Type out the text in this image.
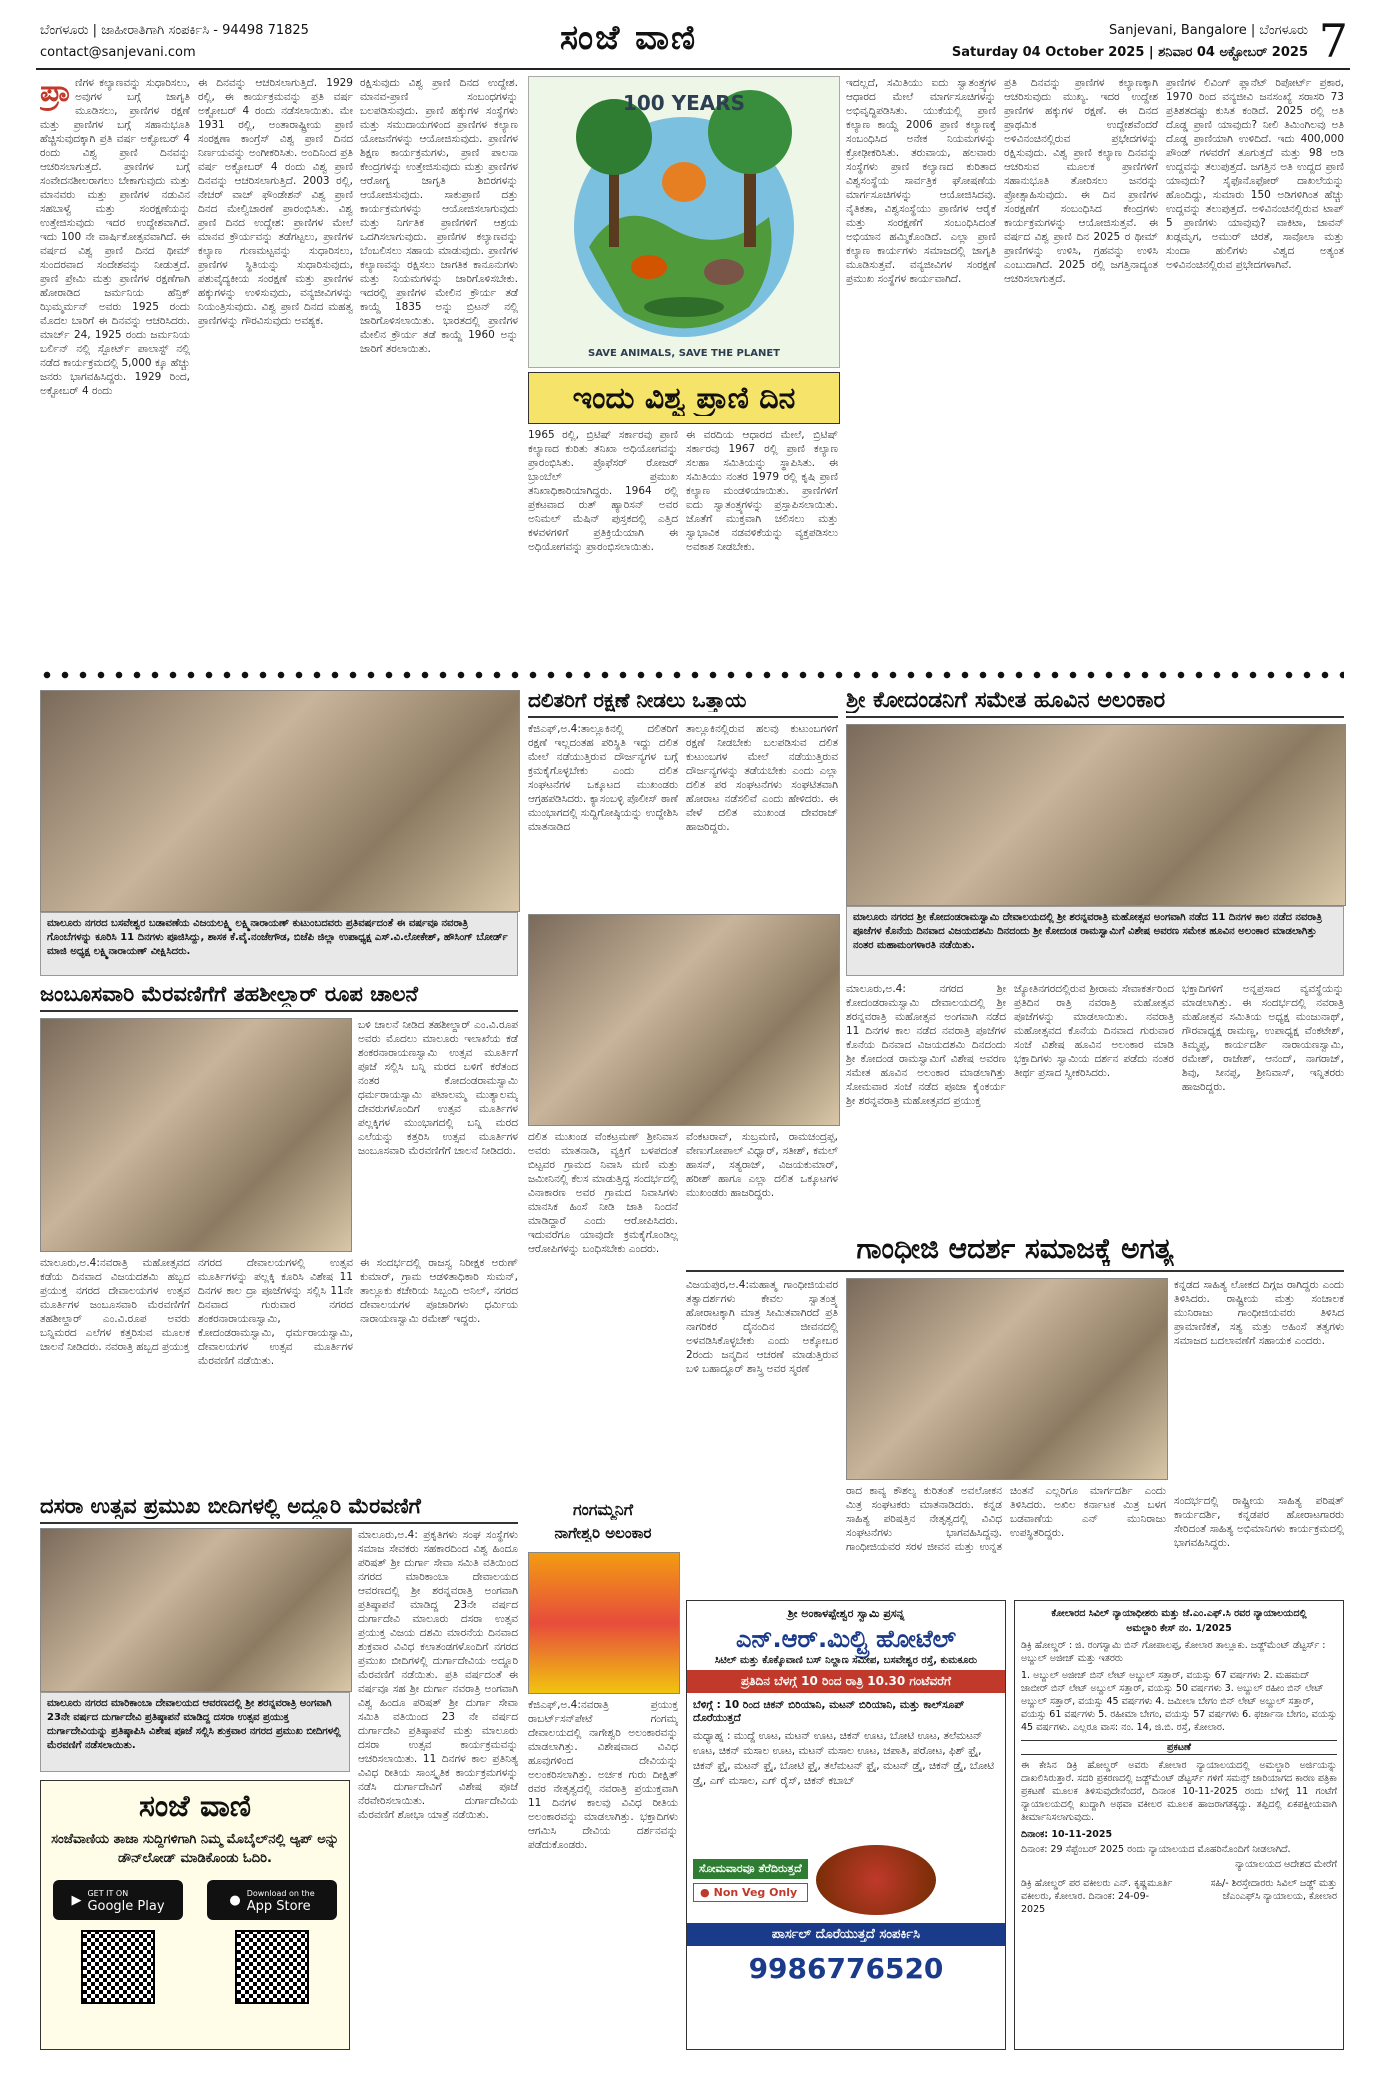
ಬೆಂಗಳೂರು | ಜಾಹೀರಾತಿಗಾಗಿ ಸಂಪರ್ಕಿಸಿ - 94498 71825
contact@sanjevani.com	ಸಂಜೆ ವಾಣಿ	Sanjevani, Bangalore | ಬೆಂಗಳೂರು
Saturday 04 October 2025 | ಶನಿವಾರ 04 ಅಕ್ಟೋಬರ್ 2025 7
ಪ್ರಾ ಣಿಗಳ ಕಲ್ಯಾಣವನ್ನು ಸುಧಾರಿಸಲು, ಅವುಗಳ ಬಗ್ಗೆ ಜಾಗೃತಿ ಮೂಡಿಸಲು, ಪ್ರಾಣಿಗಳ ರಕ್ಷಣೆ ಮತ್ತು ಪ್ರಾಣಿಗಳ ಬಗ್ಗೆ ಸಹಾನುಭೂತಿ ಹೆಚ್ಚಿಸುವುದಕ್ಕಾಗಿ ಪ್ರತಿ ವರ್ಷ ಅಕ್ಟೋಬರ್ 4 ರಂದು ವಿಶ್ವ ಪ್ರಾಣಿ ದಿನವನ್ನು ಆಚರಿಸಲಾಗುತ್ತದೆ. ಪ್ರಾಣಿಗಳ ಬಗ್ಗೆ ಸಂವೇದನಶೀಲರಾಗಲು ಬೇಕಾಗುವುದು ಮತ್ತು ಮಾನವರು ಮತ್ತು ಪ್ರಾಣಿಗಳ ನಡುವಿನ ಸಹಬಾಳ್ವೆ ಮತ್ತು ಸಂರಕ್ಷಣೆಯನ್ನು ಉತ್ತೇಜಿಸುವುದು ಇದರ ಉದ್ದೇಶವಾಗಿದೆ. ಇದು 100 ನೇ ವಾರ್ಷಿಕೋತ್ಸವವಾಗಿದೆ. ಈ ವರ್ಷದ ವಿಶ್ವ ಪ್ರಾಣಿ ದಿನದ ಥೀಮ್ ಸುಂದರವಾದ ಸಂದೇಶವನ್ನು ನೀಡುತ್ತದೆ. ಪ್ರಾಣಿ ಪ್ರೇಮಿ ಮತ್ತು ಪ್ರಾಣಿಗಳ ರಕ್ಷಣೆಗಾಗಿ ಹೋರಾಡಿದ ಜರ್ಮನಿಯ ಹೆನ್ರಿಕ್ ಝಿಮ್ಮರ್ಮನ್ ಅವರು 1925 ರಂದು ಮೊದಲ ಬಾರಿಗೆ ಈ ದಿನವನ್ನು ಆಚರಿಸಿದರು. ಮಾರ್ಚ್ 24, 1925 ರಂದು ಜರ್ಮನಿಯ ಬರ್ಲಿನ್ ನಲ್ಲಿ ಸ್ಪೋರ್ಟ್ ಪಾಲಾಸ್ಟ್ ನಲ್ಲಿ ನಡೆದ ಕಾರ್ಯಕ್ರಮದಲ್ಲಿ 5,000 ಕ್ಕೂ ಹೆಚ್ಚು ಜನರು ಭಾಗವಹಿಸಿದ್ದರು. 1929 ರಿಂದ, ಅಕ್ಟೋಬರ್ 4 ರಂದು
ಈ ದಿನವನ್ನು ಆಚರಿಸಲಾಗುತ್ತಿದೆ. 1929 ರಲ್ಲಿ, ಈ ಕಾರ್ಯಕ್ರಮವನ್ನು ಪ್ರತಿ ವರ್ಷ ಅಕ್ಟೋಬರ್ 4 ರಂದು ನಡೆಸಲಾಯಿತು. ಮೇ 1931 ರಲ್ಲಿ, ಅಂತಾರಾಷ್ಟ್ರೀಯ ಪ್ರಾಣಿ ಸಂರಕ್ಷಣಾ ಕಾಂಗ್ರೆಸ್ ವಿಶ್ವ ಪ್ರಾಣಿ ದಿನದ ನಿರ್ಣಯವನ್ನು ಅಂಗೀಕರಿಸಿತು. ಅಂದಿನಿಂದ ಪ್ರತಿ ವರ್ಷ ಅಕ್ಟೋಬರ್ 4 ರಂದು ವಿಶ್ವ ಪ್ರಾಣಿ ದಿನವನ್ನು ಆಚರಿಸಲಾಗುತ್ತಿದೆ. 2003 ರಲ್ಲಿ, ನೇಚರ್ ವಾಚ್ ಫೌಂಡೇಶನ್ ವಿಶ್ವ ಪ್ರಾಣಿ ದಿನದ ಮೇಲ್ವಿಚಾರಣೆ ಪ್ರಾರಂಭಿಸಿತು. ವಿಶ್ವ ಪ್ರಾಣಿ ದಿನದ ಉದ್ದೇಶ: ಪ್ರಾಣಿಗಳ ಮೇಲೆ ಮಾನವ ಕ್ರೌರ್ಯವನ್ನು ತಡೆಗಟ್ಟಲು, ಪ್ರಾಣಿಗಳ ಕಲ್ಯಾಣ ಗುಣಮಟ್ಟವನ್ನು ಸುಧಾರಿಸಲು, ಪ್ರಾಣಿಗಳ ಸ್ಥಿತಿಯನ್ನು ಸುಧಾರಿಸುವುದು, ಪಶುವೈದ್ಯಕೀಯ ಸಂರಕ್ಷಣೆ ಮತ್ತು ಪ್ರಾಣಿಗಳ ಹಕ್ಕುಗಳನ್ನು ಉಳಿಸುವುದು, ವನ್ಯಜೀವಿಗಳನ್ನು ನಿಯಂತ್ರಿಸುವುದು. ವಿಶ್ವ ಪ್ರಾಣಿ ದಿನದ ಮಹತ್ವ ಪ್ರಾಣಿಗಳನ್ನು ಗೌರವಿಸುವುದು ಅವಶ್ಯಕ.
ರಕ್ಷಿಸುವುದು ವಿಶ್ವ ಪ್ರಾಣಿ ದಿನದ ಉದ್ದೇಶ. ಮಾನವ-ಪ್ರಾಣಿ ಸಂಬಂಧಗಳನ್ನು ಬಲಪಡಿಸುವುದು. ಪ್ರಾಣಿ ಹಕ್ಕುಗಳ ಸಂಸ್ಥೆಗಳು ಮತ್ತು ಸಮುದಾಯಗಳಿಂದ ಪ್ರಾಣಿಗಳ ಕಲ್ಯಾಣ ಯೋಜನೆಗಳನ್ನು ಆಯೋಜಿಸುವುದು. ಪ್ರಾಣಿಗಳ ಶಿಕ್ಷಣ ಕಾರ್ಯಕ್ರಮಗಳು, ಪ್ರಾಣಿ ಪಾಲನಾ ಕೇಂದ್ರಗಳನ್ನು ಉತ್ತೇಜಿಸುವುದು ಮತ್ತು ಪ್ರಾಣಿಗಳ ಆರೋಗ್ಯ ಜಾಗೃತಿ ಶಿಬಿರಗಳನ್ನು ಆಯೋಜಿಸುವುದು. ಸಾಕುಪ್ರಾಣಿ ದತ್ತು ಕಾರ್ಯಕ್ರಮಗಳನ್ನು ಆಯೋಜಿಸಲಾಗುವುದು ಮತ್ತು ನಿರ್ಗತಿಕ ಪ್ರಾಣಿಗಳಿಗೆ ಆಶ್ರಯ ಒದಗಿಸಲಾಗುವುದು. ಪ್ರಾಣಿಗಳ ಕಲ್ಯಾಣವನ್ನು ಬೆಂಬಲಿಸಲು ಸಹಾಯ ಮಾಡುವುದು. ಪ್ರಾಣಿಗಳ ಕಲ್ಯಾಣವನ್ನು ರಕ್ಷಿಸಲು ಜಾಗತಿಕ ಕಾನೂನುಗಳು ಮತ್ತು ನಿಯಮಗಳನ್ನು ಜಾರಿಗೊಳಿಸಬೇಕು. ಇದರಲ್ಲಿ ಪ್ರಾಣಿಗಳ ಮೇಲಿನ ಕ್ರೌರ್ಯ ತಡೆ ಕಾಯ್ದೆ 1835 ಅನ್ನು ಬ್ರಿಟನ್ ನಲ್ಲಿ ಜಾರಿಗೊಳಿಸಲಾಯಿತು. ಭಾರತದಲ್ಲಿ ಪ್ರಾಣಿಗಳ ಮೇಲಿನ ಕ್ರೌರ್ಯ ತಡೆ ಕಾಯ್ದೆ 1960 ಅನ್ನು ಜಾರಿಗೆ ತರಲಾಯಿತು.
100 YEARS
SAVE ANIMALS, SAVE THE PLANET
ಇಂದು ವಿಶ್ವ ಪ್ರಾಣಿ ದಿನ
1965 ರಲ್ಲಿ, ಬ್ರಿಟಿಷ್ ಸರ್ಕಾರವು ಪ್ರಾಣಿ ಕಲ್ಯಾಣದ ಕುರಿತು ತನಿಖಾ ಅಧಿಯೋಗವನ್ನು ಪ್ರಾರಂಭಿಸಿತು. ಪ್ರೊಫೆಸರ್ ರೋಜರ್ ಬ್ರಾಂಬೆಲ್ ಪ್ರಮುಖ ತನಿಖಾಧಿಕಾರಿಯಾಗಿದ್ದರು. 1964 ರಲ್ಲಿ ಪ್ರಕಟವಾದ ರುತ್ ಹ್ಯಾರಿಸನ್ ಅವರ ಅನಿಮಲ್ ಮೆಷಿನ್ ಪುಸ್ತಕದಲ್ಲಿ ಎತ್ತಿದ ಕಳವಳಗಳಿಗೆ ಪ್ರತಿಕ್ರಿಯೆಯಾಗಿ ಈ ಅಧಿಯೋಗವನ್ನು ಪ್ರಾರಂಭಿಸಲಾಯಿತು.
ಈ ವರದಿಯ ಆಧಾರದ ಮೇಲೆ, ಬ್ರಿಟಿಷ್ ಸರ್ಕಾರವು 1967 ರಲ್ಲಿ ಪ್ರಾಣಿ ಕಲ್ಯಾಣ ಸಲಹಾ ಸಮಿತಿಯನ್ನು ಸ್ಥಾಪಿಸಿತು. ಈ ಸಮಿತಿಯು ನಂತರ 1979 ರಲ್ಲಿ ಕೃಷಿ ಪ್ರಾಣಿ ಕಲ್ಯಾಣ ಮಂಡಳಿಯಾಯಿತು. ಪ್ರಾಣಿಗಳಿಗೆ ಐದು ಸ್ವಾತಂತ್ರ್ಯಗಳನ್ನು ಪ್ರಸ್ತಾಪಿಸಲಾಯಿತು. ಜೊತೆಗೆ ಮುಕ್ತವಾಗಿ ಚಲಿಸಲು ಮತ್ತು ಸ್ವಾಭಾವಿಕ ನಡವಳಿಕೆಯನ್ನು ವ್ಯಕ್ತಪಡಿಸಲು ಅವಕಾಶ ನೀಡಬೇಕು.
ಇದಲ್ಲದೆ, ಸಮಿತಿಯು ಐದು ಸ್ವಾತಂತ್ರ್ಯಗಳ ಆಧಾರದ ಮೇಲೆ ಮಾರ್ಗಸೂಚಿಗಳನ್ನು ಅಭಿವೃದ್ಧಿಪಡಿಸಿತು. ಯುಕೆಯಲ್ಲಿ ಪ್ರಾಣಿ ಕಲ್ಯಾಣ ಕಾಯ್ದೆ 2006 ಪ್ರಾಣಿ ಕಲ್ಯಾಣಕ್ಕೆ ಸಂಬಂಧಿಸಿದ ಅನೇಕ ನಿಯಮಗಳನ್ನು ಕ್ರೋಢೀಕರಿಸಿತು. ತರುವಾಯ, ಹಲವಾರು ಸಂಸ್ಥೆಗಳು ಪ್ರಾಣಿ ಕಲ್ಯಾಣದ ಕುರಿತಾದ ವಿಶ್ವಸಂಸ್ಥೆಯ ಸಾರ್ವತ್ರಿಕ ಘೋಷಣೆಯ ಮಾರ್ಗಸೂಚಿಗಳನ್ನು ಆಯೋಜಿಸಿದವು. ನೈತಿಕತಾ, ವಿಶ್ವಸಂಸ್ಥೆಯು ಪ್ರಾಣಿಗಳ ಆರೈಕೆ ಮತ್ತು ಸಂರಕ್ಷಣೆಗೆ ಸಂಬಂಧಿಸಿದಂತೆ ಅಭಿಯಾನ ಹಮ್ಮಿಕೊಂಡಿದೆ. ಎಲ್ಲಾ ಪ್ರಾಣಿ ಕಲ್ಯಾಣ ಕಾರ್ಯಗಳು ಸಮಾಜದಲ್ಲಿ ಜಾಗೃತಿ ಮೂಡಿಸುತ್ತವೆ. ವನ್ಯಜೀವಿಗಳ ಸಂರಕ್ಷಣೆ ಪ್ರಮುಖ ಸಂಸ್ಥೆಗಳ ಕಾರ್ಯವಾಗಿದೆ.
ಪ್ರತಿ ದಿನವನ್ನು ಪ್ರಾಣಿಗಳ ಕಲ್ಯಾಣಕ್ಕಾಗಿ ಆಚರಿಸುವುದು ಮುಖ್ಯ. ಇದರ ಉದ್ದೇಶ ಪ್ರಾಣಿಗಳ ಹಕ್ಕುಗಳ ರಕ್ಷಣೆ. ಈ ದಿನದ ಪ್ರಾಥಮಿಕ ಉದ್ದೇಶವೆಂದರೆ ಅಳಿವಿನಂಚಿನಲ್ಲಿರುವ ಪ್ರಭೇದಗಳನ್ನು ರಕ್ಷಿಸುವುದು. ವಿಶ್ವ ಪ್ರಾಣಿ ಕಲ್ಯಾಣ ದಿನವನ್ನು ಆಚರಿಸುವ ಮೂಲಕ ಪ್ರಾಣಿಗಳಿಗೆ ಸಹಾನುಭೂತಿ ತೋರಿಸಲು ಜನರನ್ನು ಪ್ರೋತ್ಸಾಹಿಸುವುದು. ಈ ದಿನ ಪ್ರಾಣಿಗಳ ಸಂರಕ್ಷಣೆಗೆ ಸಂಬಂಧಿಸಿದ ಕೇಂದ್ರಗಳು ಕಾರ್ಯಕ್ರಮಗಳನ್ನು ಆಯೋಜಿಸುತ್ತವೆ. ಈ ವರ್ಷದ ವಿಶ್ವ ಪ್ರಾಣಿ ದಿನ 2025 ರ ಥೀಮ್ ಪ್ರಾಣಿಗಳನ್ನು ಉಳಿಸಿ, ಗ್ರಹವನ್ನು ಉಳಿಸಿ ಎಂಬುದಾಗಿದೆ. 2025 ರಲ್ಲಿ ಜಗತ್ತಿನಾದ್ಯಂತ ಆಚರಿಸಲಾಗುತ್ತದೆ.
ಪ್ರಾಣಿಗಳ ಲಿವಿಂಗ್ ಪ್ಲಾನೆಟ್ ರಿಪೋರ್ಟ್ ಪ್ರಕಾರ, 1970 ರಿಂದ ವನ್ಯಜೀವಿ ಜನಸಂಖ್ಯೆ ಸರಾಸರಿ 73 ಪ್ರತಿಶತದಷ್ಟು ಕುಸಿತ ಕಂಡಿದೆ. 2025 ರಲ್ಲಿ ಅತಿ ದೊಡ್ಡ ಪ್ರಾಣಿ ಯಾವುದು? ನೀಲಿ ತಿಮಿಂಗಿಲವು ಅತಿ ದೊಡ್ಡ ಪ್ರಾಣಿಯಾಗಿ ಉಳಿದಿದೆ. ಇದು 400,000 ಪೌಂಡ್ ಗಳವರೆಗೆ ತೂಗುತ್ತದೆ ಮತ್ತು 98 ಅಡಿ ಉದ್ದವನ್ನು ತಲುಪುತ್ತದೆ. ಜಗತ್ತಿನ ಅತಿ ಉದ್ದದ ಪ್ರಾಣಿ ಯಾವುದು? ಸೈಫೊನೊಫೋರ್ ದಾಖಲೆಯನ್ನು ಹೊಂದಿದ್ದು, ಸುಮಾರು 150 ಅಡಿಗಳಿಗಿಂತ ಹೆಚ್ಚು ಉದ್ದವನ್ನು ತಲುಪುತ್ತದೆ. ಅಳಿವಿನಂಚಿನಲ್ಲಿರುವ ಟಾಪ್ 5 ಪ್ರಾಣಿಗಳು ಯಾವುವು? ವಾಕಿಟಾ, ಜಾವನ್ ಖಡ್ಗಮೃಗ, ಅಮುರ್ ಚಿರತೆ, ಸಾವೊಲಾ ಮತ್ತು ಸುಂದಾ ಹುಲಿಗಳು ವಿಶ್ವದ ಅತ್ಯಂತ ಅಳಿವಿನಂಚಿನಲ್ಲಿರುವ ಪ್ರಭೇದಗಳಾಗಿವೆ.
ಮಾಲೂರು ನಗರದ ಬಸವೇಶ್ವರ ಬಡಾವಣೆಯ ವಿಜಯಲಕ್ಷ್ಮಿ ಲಕ್ಷ್ಮಿನಾರಾಯಣ್ ಕುಟುಂಬದವರು ಪ್ರತಿವರ್ಷದಂತೆ ಈ ವರ್ಷವೂ ನವರಾತ್ರಿ ಗೊಂಬೆಗಳನ್ನು ಕೂರಿಸಿ 11 ದಿನಗಳು ಪೂಜಿಸಿದ್ದು, ಶಾಸಕ ಕೆ.ವೈ.ನಂಜೇಗೌಡ, ಬಿಜೆಪಿ ಜಿಲ್ಲಾ ಉಪಾಧ್ಯಕ್ಷ ಎಸ್.ವಿ.ಲೋಕೇಶ್, ಹೌಸಿಂಗ್ ಬೋರ್ಡ್ ಮಾಜಿ ಅಧ್ಯಕ್ಷ ಲಕ್ಷ್ಮಿನಾರಾಯಣ್ ವೀಕ್ಷಿಸಿದರು.
ಜಂಬೂಸವಾರಿ ಮೆರವಣಿಗೆಗೆ ತಹಶೀಲ್ದಾರ್ ರೂಪ ಚಾಲನೆ
ಬಳಿ ಚಾಲನೆ ನೀಡಿದ ತಹಶೀಲ್ದಾರ್ ಎಂ.ವಿ.ರೂಪ ಅವರು ಮೊದಲು ಮಾಲೂರು ಇಲಾಖೆಯ ಕಡೆ ಶಂಕರನಾರಾಯಣಸ್ವಾಮಿ ಉತ್ಸವ ಮೂರ್ತಿಗೆ ಪೂಜೆ ಸಲ್ಲಿಸಿ ಬನ್ನಿ ಮರದ ಬಳಿಗೆ ಕರೆತಂದ ನಂತರ ಕೋದಂಡರಾಮಸ್ವಾಮಿ ಧರ್ಮರಾಯಸ್ವಾಮಿ ಪಟಾಲಮ್ಮ ಮುತ್ಯಾಲಮ್ಮ ದೇವರುಗಳೊಂದಿಗೆ ಉತ್ಸವ ಮೂರ್ತಿಗಳ ಪಲ್ಲಕ್ಕಿಗಳ ಮುಂಭಾಗದಲ್ಲಿ ಬನ್ನಿ ಮರದ ಎಲೆಯನ್ನು ಕತ್ತರಿಸಿ ಉತ್ಸವ ಮೂರ್ತಿಗಳ ಜಂಬೂಸವಾರಿ ಮೆರವಣಿಗೆಗೆ ಚಾಲನೆ ನೀಡಿದರು.
ಮಾಲೂರು,ಅ.4:ನವರಾತ್ರಿ ಮಹೋತ್ಸವದ ಕಡೆಯ ದಿನವಾದ ವಿಜಯದಶಮಿ ಹಬ್ಬದ ಪ್ರಯುಕ್ತ ನಗರದ ದೇವಾಲಯಗಳ ಉತ್ಸವ ಮೂರ್ತಿಗಳ ಜಂಬೂಸವಾರಿ ಮೆರವಣಿಗೆಗೆ ತಹಶೀಲ್ದಾರ್ ಎಂ.ವಿ.ರೂಪ ಅವರು ಬನ್ನಿಮರದ ಎಲೆಗಳ ಕತ್ತರಿಸುವ ಮೂಲಕ ಚಾಲನೆ ನೀಡಿದರು. ನವರಾತ್ರಿ ಹಬ್ಬದ ಪ್ರಯುಕ್ತ
ನಗರದ ದೇವಾಲಯಗಳಲ್ಲಿ ಉತ್ಸವ ಮೂರ್ತಿಗಳನ್ನು ಪಲ್ಲಕ್ಕಿ ಕೂರಿಸಿ ವಿಶೇಷ 11 ದಿನಗಳ ಕಾಲ ದ್ರಾ ಪೂಜೆಗಳನ್ನು ಸಲ್ಲಿಸಿ 11ನೇ ದಿನವಾದ ಗುರುವಾರ ನಗರದ ಶಂಕರನಾರಾಯಣಸ್ವಾಮಿ, ಕೋದಂಡರಾಮಸ್ವಾಮಿ, ಧರ್ಮರಾಯಸ್ವಾಮಿ, ದೇವಾಲಯಗಳ ಉತ್ಸವ ಮೂರ್ತಿಗಳ ಮೆರವಣಿಗೆ ನಡೆಯಿತು.
ಈ ಸಂದರ್ಭದಲ್ಲಿ ರಾಜಸ್ವ ನಿರೀಕ್ಷಕ ಅರುಣ್ ಕುಮಾರ್, ಗ್ರಾಮ ಆಡಳಿತಾಧಿಕಾರಿ ಸುಮನ್, ತಾಲ್ಲೂಕು ಕಚೇರಿಯ ಸಿಬ್ಬಂದಿ ಅನಿಲ್, ನಗರದ ದೇವಾಲಯಗಳ ಪೂಜಾರಿಗಳು ಧರ್ಮಿಯ ನಾರಾಯಣಸ್ವಾಮಿ ರಮೇಶ್ ಇದ್ದರು.
ದಲಿತರಿಗೆ ರಕ್ಷಣೆ ನೀಡಲು ಒತ್ತಾಯ
ಕೆಜಿಎಫ್,ಅ.4:ತಾಲ್ಲೂಕಿನಲ್ಲಿ ದಲಿತರಿಗೆ ರಕ್ಷಣೆ ಇಲ್ಲದಂತಹ ಪರಿಸ್ಥಿತಿ ಇದ್ದು ದಲಿತ ಮೇಲೆ ನಡೆಯುತ್ತಿರುವ ದೌರ್ಜನ್ಯಗಳ ಬಗ್ಗೆ ಕ್ರಮಕೈಗೊಳ್ಳಬೇಕು ಎಂದು ದಲಿತ ಸಂಘಟನೆಗಳ ಒಕ್ಕೂಟದ ಮುಖಂಡರು ಆಗ್ರಹಪಡಿಸಿದರು. ಕ್ಯಾಸಂಬಳ್ಳಿ ಪೊಲೀಸ್ ಠಾಣೆ ಮುಂಭಾಗದಲ್ಲಿ ಸುದ್ದಿಗೋಷ್ಠಿಯನ್ನು ಉದ್ದೇಶಿಸಿ ಮಾತನಾಡಿದ
ತಾಲ್ಲೂಕಿನಲ್ಲಿರುವ ಹಲವು ಕುಟುಂಬಗಳಿಗೆ ರಕ್ಷಣೆ ನೀಡಬೇಕು ಬಲಪಡಿಸುವ ದಲಿತ ಕುಟುಂಬಗಳ ಮೇಲೆ ನಡೆಯುತ್ತಿರುವ ದೌರ್ಜನ್ಯಗಳನ್ನು ತಡೆಯಬೇಕು ಎಂದು ಎಲ್ಲಾ ದಲಿತ ಪರ ಸಂಘಟನೆಗಳು ಸಂಘಟಿತವಾಗಿ ಹೋರಾಟ ನಡೆಸಲಿವೆ ಎಂದು ಹೇಳಿದರು. ಈ ವೇಳೆ ದಲಿತ ಮುಖಂಡ ದೇವರಾಜ್ ಹಾಜರಿದ್ದರು.
ದಲಿತ ಮುಖಂಡ ವೆಂಕಟ್ರಮಣ್ ಶ್ರೀನಿವಾಸ ಅವರು ಮಾತನಾಡಿ, ವ್ಯಕ್ತಿಗೆ ಬಳಪದಂತೆ ಬಿಟ್ಟವರ ಗ್ರಾಮದ ನಿವಾಸಿ ಮಣಿ ಮತ್ತು ಜಮೀನಿನಲ್ಲಿ ಕೆಲಸ ಮಾಡುತ್ತಿದ್ದ ಸಂದರ್ಭದಲ್ಲಿ ವಿನಾಕಾರಣ ಅವರ ಗ್ರಾಮದ ನಿವಾಸಿಗಳು ಮಾನಸಿಕ ಹಿಂಸೆ ನೀಡಿ ಜಾತಿ ನಿಂದನೆ ಮಾಡಿದ್ದಾರೆ ಎಂದು ಆರೋಪಿಸಿದರು. ಇದುವರೆಗೂ ಯಾವುದೇ ಕ್ರಮಕೈಗೊಂಡಿಲ್ಲ ಆರೋಪಿಗಳನ್ನು ಬಂಧಿಸಬೇಕು ಎಂದರು.
ವೆಂಕಟರಾವ್, ಸುಬ್ರಮಣಿ, ರಾಮಚಂದ್ರಪ್ಪ, ವೇಣುಗೋಪಾಲ್ ವಿಧ್ವಾರ್, ಸತೀಶ್, ಕಮಲ್ ಹಾಸನ್, ಸತ್ಯರಾಜ್, ವಿಜಯಕುಮಾರ್, ಹರೀಶ್ ಹಾಗೂ ಎಲ್ಲಾ ದಲಿತ ಒಕ್ಕೂಟಗಳ ಮುಖಂಡರು ಹಾಜರಿದ್ದರು.
ಶ್ರೀ ಕೋದಂಡನಿಗೆ ಸಮೇತ ಹೂವಿನ ಅಲಂಕಾರ
ಮಾಲೂರು ನಗರದ ಶ್ರೀ ಕೋದಂಡರಾಮಸ್ವಾಮಿ ದೇವಾಲಯದಲ್ಲಿ ಶ್ರೀ ಶರನ್ನವರಾತ್ರಿ ಮಹೋತ್ಸವ ಅಂಗವಾಗಿ ನಡೆದ 11 ದಿನಗಳ ಕಾಲ ನಡೆದ ನವರಾತ್ರಿ ಪೂಜೆಗಳ ಕೊನೆಯ ದಿನವಾದ ವಿಜಯದಶಮಿ ದಿನದಂದು ಶ್ರೀ ಕೋದಂಡ ರಾಮಸ್ವಾಮಿಗೆ ವಿಶೇಷ ಅವರಣ ಸಮೇತ ಹೂವಿನ ಅಲಂಕಾರ ಮಾಡಲಾಗಿತ್ತು ನಂತರ ಮಹಾಮಂಗಳಾರತಿ ನಡೆಯಿತು.
ಮಾಲೂರು,ಅ.4: ನಗರದ ಶ್ರೀ ಕೋದಂಡರಾಮಸ್ವಾಮಿ ದೇವಾಲಯದಲ್ಲಿ ಶ್ರೀ ಶರನ್ನವರಾತ್ರಿ ಮಹೋತ್ಸವ ಅಂಗವಾಗಿ ನಡೆದ 11 ದಿನಗಳ ಕಾಲ ನಡೆದ ನವರಾತ್ರಿ ಪೂಜೆಗಳ ಕೊನೆಯ ದಿನವಾದ ವಿಜಯದಶಮಿ ದಿನದಂದು ಶ್ರೀ ಕೋದಂಡ ರಾಮಸ್ವಾಮಿಗೆ ವಿಶೇಷ ಅವರಣ ಸಮೇತ ಹೂವಿನ ಅಲಂಕಾರ ಮಾಡಲಾಗಿತ್ತು ಸೋಮವಾರ ಸಂಜೆ ನಡೆದ ಪೂಜಾ ಕೈಂಕರ್ಯ ಶ್ರೀ ಶರನ್ನವರಾತ್ರಿ ಮಹೋತ್ಸವದ ಪ್ರಯುಕ್ತ
ಜ್ಯೋತಿನಗರದಲ್ಲಿರುವ ಶ್ರೀರಾಮ ಸೇವಾಕರ್ತರಿಂದ ಪ್ರತಿದಿನ ರಾತ್ರಿ ನವರಾತ್ರಿ ಮಹೋತ್ಸವ ಪೂಜೆಗಳನ್ನು ಮಾಡಲಾಯಿತು. ನವರಾತ್ರಿ ಮಹೋತ್ಸವದ ಕೊನೆಯ ದಿನವಾದ ಗುರುವಾರ ಸಂಜೆ ವಿಶೇಷ ಹೂವಿನ ಅಲಂಕಾರ ಮಾಡಿ ಭಕ್ತಾದಿಗಳು ಸ್ವಾಮಿಯ ದರ್ಶನ ಪಡೆದು ನಂತರ ತೀರ್ಥ ಪ್ರಸಾದ ಸ್ವೀಕರಿಸಿದರು.
ಭಕ್ತಾದಿಗಳಿಗೆ ಅನ್ನಪ್ರಸಾದ ವ್ಯವಸ್ಥೆಯನ್ನು ಮಾಡಲಾಗಿತ್ತು. ಈ ಸಂದರ್ಭದಲ್ಲಿ ನವರಾತ್ರಿ ಮಹೋತ್ಸವ ಸಮಿತಿಯ ಅಧ್ಯಕ್ಷ ಮಂಜುನಾಥ್, ಗೌರವಾಧ್ಯಕ್ಷ ರಾಮಣ್ಣ, ಉಪಾಧ್ಯಕ್ಷ ವೆಂಕಟೇಶ್, ತಿಮ್ಮಪ್ಪ, ಕಾರ್ಯದರ್ಶಿ ನಾರಾಯಣಸ್ವಾಮಿ, ರಮೇಶ್, ರಾಜೇಶ್, ಆನಂದ್, ನಾಗರಾಜ್, ಶಿವು, ಸೀನಪ್ಪ, ಶ್ರೀನಿವಾಸ್, ಇನ್ನಿತರರು ಹಾಜರಿದ್ದರು.
ಗಾಂಧೀಜಿ ಆದರ್ಶ ಸಮಾಜಕ್ಕೆ ಅಗತ್ಯ
ವಿಜಯಪುರ,ಅ.4:ಮಹಾತ್ಮ ಗಾಂಧೀಜಿಯವರ ತತ್ವಾದರ್ಶಗಳು ಕೇವಲ ಸ್ವಾತಂತ್ರ್ಯ ಹೋರಾಟಕ್ಕಾಗಿ ಮಾತ್ರ ಸೀಮಿತವಾಗಿರದೆ ಪ್ರತಿ ನಾಗರಿಕರ ದೈನಂದಿನ ಜೀವನದಲ್ಲಿ ಅಳವಡಿಸಿಕೊಳ್ಳಬೇಕು ಎಂದು ಅಕ್ಕೋಬರ 2ರಂದು ಜನ್ಮದಿನ ಆಚರಣೆ ಮಾಡುತ್ತಿರುವ ಬಳಿ ಬಹಾದ್ದೂರ್ ಶಾಸ್ತ್ರಿ ಅವರ ಸ್ಮರಣೆ
ಕನ್ನಡದ ಸಾಹಿತ್ಯ ಲೋಕದ ದಿಗ್ಗಜ ರಾಗಿದ್ದರು ಎಂದು ತಿಳಿಸಿದರು. ರಾಷ್ಟ್ರೀಯ ಮತ್ತು ಸಂಚಾಲಕ ಮುನಿರಾಜು ಗಾಂಧೀಜಿಯವರು ತಿಳಿಸಿದ ಪ್ರಾಮಾಣಿಕತೆ, ಸತ್ಯ ಮತ್ತು ಅಹಿಂಸೆ ತತ್ವಗಳು ಸಮಾಜದ ಬದಲಾವಣೆಗೆ ಸಹಾಯಕ ಎಂದರು.
ರಾದ ಕಾವ್ಯ ಕೌಶಲ್ಯ ಕುರಿತಂತೆ ಅವಲೋಕನ ಮಿತ್ರ ಸಂಘಟಕರು ಮಾತನಾಡಿದರು. ಕನ್ನಡ ಸಾಹಿತ್ಯ ಪರಿಷತ್ತಿನ ನೇತೃತ್ವದಲ್ಲಿ ವಿವಿಧ ಸಂಘಟನೆಗಳು ಭಾಗವಹಿಸಿದ್ದವು. ಗಾಂಧೀಜಿಯವರ ಸರಳ ಜೀವನ ಮತ್ತು ಉನ್ನತ ಚಿಂತನೆ ಎಲ್ಲರಿಗೂ ಮಾರ್ಗದರ್ಶಿ ಎಂದು ತಿಳಿಸಿದರು. ಅಖಿಲ ಕರ್ನಾಟಕ ಮಿತ್ರ ಬಳಗ ಬಡವಾಣೆಯ ಎನ್ ಮುನಿರಾಜು ಉಪಸ್ಥಿತರಿದ್ದರು.
ಸಂದರ್ಭದಲ್ಲಿ ರಾಷ್ಟ್ರೀಯ ಸಾಹಿತ್ಯ ಪರಿಷತ್ ಕಾರ್ಯದರ್ಶಿ, ಕನ್ನಡಪರ ಹೋರಾಟಗಾರರು ಸೇರಿದಂತೆ ಸಾಹಿತ್ಯ ಅಭಿಮಾನಿಗಳು ಕಾರ್ಯಕ್ರಮದಲ್ಲಿ ಭಾಗವಹಿಸಿದ್ದರು.
ದಸರಾ ಉತ್ಸವ ಪ್ರಮುಖ ಬೀದಿಗಳಲ್ಲಿ ಅದ್ದೂರಿ ಮೆರವಣಿಗೆ
ಮಾಲೂರು ನಗರದ ಮಾರಿಕಾಂಬಾ ದೇವಾಲಯದ ಆವರಣದಲ್ಲಿ ಶ್ರೀ ಶರನ್ನವರಾತ್ರಿ ಅಂಗವಾಗಿ 23ನೇ ವರ್ಷದ ದುರ್ಗಾದೇವಿ ಪ್ರತಿಷ್ಠಾಪನೆ ಮಾಡಿದ್ದ ದಸರಾ ಉತ್ಸವ ಪ್ರಯುಕ್ತ ದುರ್ಗಾದೇವಿಯನ್ನು ಪ್ರತಿಷ್ಠಾಪಿಸಿ ವಿಶೇಷ ಪೂಜೆ ಸಲ್ಲಿಸಿ ಶುಕ್ರವಾರ ನಗರದ ಪ್ರಮುಖ ಬೀದಿಗಳಲ್ಲಿ ಮೆರವಣಿಗೆ ನಡೆಸಲಾಯಿತು.
ಮಾಲೂರು,ಅ.4: ಪ್ರಕೃತಿಗಳು ಸಂಘ ಸಂಸ್ಥೆಗಳು ಸಮಾಜ ಸೇವಕರು ಸಹಕಾರದಿಂದ ವಿಶ್ವ ಹಿಂದೂ ಪರಿಷತ್ ಶ್ರೀ ದುರ್ಗಾ ಸೇವಾ ಸಮಿತಿ ವತಿಯಿಂದ ನಗರದ ಮಾರಿಕಾಂಬಾ ದೇವಾಲಯದ ಆವರಣದಲ್ಲಿ ಶ್ರೀ ಶರನ್ನವರಾತ್ರಿ ಅಂಗವಾಗಿ ಪ್ರತಿಷ್ಠಾಪನೆ ಮಾಡಿದ್ದ 23ನೇ ವರ್ಷದ ದುರ್ಗಾದೇವಿ ಮಾಲೂರು ದಸರಾ ಉತ್ಸವ ಪ್ರಯುಕ್ತ ವಿಜಯ ದಶಮಿ ಮಾರನೆಯ ದಿನವಾದ ಶುಕ್ರವಾರ ವಿವಿಧ ಕಲಾತಂಡಗಳೊಂದಿಗೆ ನಗರದ ಪ್ರಮುಖ ಬೀದಿಗಳಲ್ಲಿ ದುರ್ಗಾದೇವಿಯ ಅದ್ದೂರಿ ಮೆರವಣಿಗೆ ನಡೆಯಿತು. ಪ್ರತಿ ವರ್ಷದಂತೆ ಈ ವರ್ಷವೂ ಸಹ ಶ್ರೀ ದುರ್ಗಾ ನವರಾತ್ರಿ ಅಂಗವಾಗಿ ವಿಶ್ವ ಹಿಂದೂ ಪರಿಷತ್ ಶ್ರೀ ದುರ್ಗಾ ಸೇವಾ ಸಮಿತಿ ವತಿಯಿಂದ 23 ನೇ ವರ್ಷದ ದುರ್ಗಾದೇವಿ ಪ್ರತಿಷ್ಠಾಪನೆ ಮತ್ತು ಮಾಲೂರು ದಸರಾ ಉತ್ಸವ ಕಾರ್ಯಕ್ರಮವನ್ನು ಆಚರಿಸಲಾಯಿತು. 11 ದಿನಗಳ ಕಾಲ ಪ್ರತಿನಿತ್ಯ ವಿವಿಧ ರೀತಿಯ ಸಾಂಸ್ಕೃತಿಕ ಕಾರ್ಯಕ್ರಮಗಳನ್ನು ನಡೆಸಿ ದುರ್ಗಾದೇವಿಗೆ ವಿಶೇಷ ಪೂಜೆ ನೆರವೇರಿಸಲಾಯಿತು. ದುರ್ಗಾದೇವಿಯ ಮೆರವಣಿಗೆ ಶೋಭಾ ಯಾತ್ರೆ ನಡೆಯಿತು.
ಸಂಜೆ ವಾಣಿ
ಸಂಜೆವಾಣಿಯ ತಾಜಾ ಸುದ್ದಿಗಳಿಗಾಗಿ ನಿಮ್ಮ ಮೊಬೈಲ್‌ನಲ್ಲಿ ಆ್ಯಪ್ ಅನ್ನು ಡೌನ್‌ಲೋಡ್ ಮಾಡಿಕೊಂಡು ಓದಿರಿ.
▶ GET IT ON
Google Play	● Download on the
App Store
ಗಂಗಮ್ಮನಿಗೆ
ನಾಗೇಶ್ವರಿ ಅಲಂಕಾರ
ಕೆಜಿಎಫ್,ಅ.4:ನವರಾತ್ರಿ ಪ್ರಯುಕ್ತ ರಾಬರ್ಟ್‌ಸನ್‌ಪೇಟೆ ಗಂಗಮ್ಮ ದೇವಾಲಯದಲ್ಲಿ ನಾಗೇಶ್ವರಿ ಅಲಂಕಾರವನ್ನು ಮಾಡಲಾಗಿತ್ತು. ವಿಶೇಷವಾದ ವಿವಿಧ ಹೂವುಗಳಿಂದ ದೇವಿಯನ್ನು ಅಲಂಕರಿಸಲಾಗಿತ್ತು. ಅರ್ಚಕ ಗುರು ದೀಕ್ಷಿತ್ ರವರ ನೇತೃತ್ವದಲ್ಲಿ ನವರಾತ್ರಿ ಪ್ರಯುಕ್ತವಾಗಿ 11 ದಿನಗಳ ಕಾಲವು ವಿವಿಧ ರೀತಿಯ ಅಲಂಕಾರವನ್ನು ಮಾಡಲಾಗಿತ್ತು. ಭಕ್ತಾದಿಗಳು ಆಗಮಿಸಿ ದೇವಿಯ ದರ್ಶನವನ್ನು ಪಡೆದುಕೊಂಡರು.
ಶ್ರೀ ಅಂಕಾಳಪ್ಪೇಶ್ವರ ಸ್ವಾಮಿ ಪ್ರಸನ್ನ
ಎನ್.ಆರ್.ಮಿಲ್ಟ್ರಿ ಹೋಟೆಲ್
ಸಿಟಿಲ್ ಮತ್ತು ಕೊಕ್ಕೊವಾಣಿ ಬಸ್ ನಿಲ್ದಾಣ ಸಮೀಪ, ಬಸವೇಶ್ವರ ರಸ್ತೆ, ಕುಮಕೂರು
ಪ್ರತಿದಿನ ಬೆಳಗ್ಗೆ 10 ರಿಂದ ರಾತ್ರಿ 10.30 ಗಂಟೆವರೆಗೆ
ಬೆಳಿಗ್ಗೆ : 10 ರಿಂದ ಚಿಕನ್ ಬಿರಿಯಾನಿ, ಮಟನ್ ಬಿರಿಯಾನಿ, ಮತ್ತು ಕಾಲ್‌ಸೂಪ್ ದೊರೆಯುತ್ತದೆ
ಮಧ್ಯಾಹ್ನ : ಮುದ್ದೆ ಊಟ, ಮಟನ್ ಊಟ, ಚಿಕನ್ ಊಟ, ಬೋಟಿ ಊಟ, ತಲೆಮಟನ್ ಊಟ, ಚಿಕನ್ ಮಸಾಲ ಊಟ, ಮಟನ್ ಮಸಾಲ ಊಟ, ಚಪಾತಿ, ಪರೋಟ, ಫಿಶ್ ಫ್ರೈ, ಚಿಕನ್ ಫ್ರೈ, ಮಟನ್ ಫ್ರೈ, ಬೋಟಿ ಫ್ರೈ, ತಲೆಮಟನ್ ಫ್ರೈ, ಮಟನ್ ಡ್ರೈ, ಚಿಕನ್ ಡ್ರೈ, ಬೋಟಿ ಡ್ರೈ, ಎಗ್ ಮಸಾಲ, ಎಗ್ ರೈಸ್, ಚಿಕನ್ ಕಬಾಬ್
ಸೋಮವಾರವೂ ತೆರೆದಿರುತ್ತದೆ
● Non Veg Only
ಪಾರ್ಸಲ್ ದೊರೆಯುತ್ತದೆ ಸಂಪರ್ಕಿಸಿ
9986776520
ಕೋಲಾರದ ಸಿವಿಲ್ ನ್ಯಾಯಾಧೀಶರು ಮತ್ತು ಜೆ.ಎಂ.ಎಫ್.ಸಿ ರವರ ನ್ಯಾಯಾಲಯದಲ್ಲಿ
ಅಮಲ್ಜಾರಿ ಕೇಸ್ ನಂ. 1/2025
ಡಿಕ್ರಿ ಹೋಲ್ಡರ್ : ಜಿ. ರಂಗಸ್ವಾಮಿ ಬಿನ್ ಗೋಪಾಲಪ್ಪ, ಕೋಲಾರ ತಾಲ್ಲೂಕು. ಜಡ್ಜ್‌ಮೆಂಟ್ ಡೆಟ್ಟರ್ಸ್ : ಅಬ್ದುಲ್ ಅಜೀಜ್ ಮತ್ತು ಇತರರು
1. ಅಬ್ದುಲ್ ಅಜೀಜ್ ಬಿನ್ ಲೇಟ್ ಅಬ್ದುಲ್ ಸತ್ತಾರ್, ವಯಸ್ಸು 67 ವರ್ಷಗಳು 2. ಮಹಮದ್ ಜಾಬೀರ್ ಬಿನ್ ಲೇಟ್ ಅಬ್ದುಲ್ ಸತ್ತಾರ್, ವಯಸ್ಸು 50 ವರ್ಷಗಳು 3. ಅಬ್ದುಲ್ ರಹೀಂ ಬಿನ್ ಲೇಟ್ ಅಬ್ದುಲ್ ಸತ್ತಾರ್, ವಯಸ್ಸು 45 ವರ್ಷಗಳು 4. ಜಮೀಲಾ ಬೇಗಂ ಬಿನ್ ಲೇಟ್ ಅಬ್ದುಲ್ ಸತ್ತಾರ್, ವಯಸ್ಸು 61 ವರ್ಷಗಳು 5. ರಹೀಮಾ ಬೇಗಂ, ವಯಸ್ಸು 57 ವರ್ಷಗಳು 6. ಫರ್ಜಾನಾ ಬೇಗಂ, ವಯಸ್ಸು 45 ವರ್ಷಗಳು. ಎಲ್ಲರೂ ವಾಸ: ನಂ. 14, ಜಿ.ಬಿ. ರಸ್ತೆ, ಕೋಲಾರ.
ಪ್ರಕಟಣೆ
ಈ ಕೇಸಿನ ಡಿಕ್ರಿ ಹೋಲ್ಡರ್ ಅವರು ಕೋಲಾರ ನ್ಯಾಯಾಲಯದಲ್ಲಿ ಅಮಲ್ಜಾರಿ ಅರ್ಜಿಯನ್ನು ದಾಖಲಿಸಿರುತ್ತಾರೆ. ಸದರಿ ಪ್ರಕರಣದಲ್ಲಿ ಜಡ್ಜ್‌ಮೆಂಟ್ ಡೆಟ್ಟರ್ಸ್ ಗಳಿಗೆ ಸಮನ್ಸ್ ಜಾರಿಯಾಗದ ಕಾರಣ ಪತ್ರಿಕಾ ಪ್ರಕಟಣೆ ಮೂಲಕ ತಿಳಿಸುವುದೇನೆಂದರೆ, ದಿನಾಂಕ 10-11-2025 ರಂದು ಬೆಳಿಗ್ಗೆ 11 ಗಂಟೆಗೆ ನ್ಯಾಯಾಲಯದಲ್ಲಿ ಖುದ್ದಾಗಿ ಅಥವಾ ವಕೀಲರ ಮೂಲಕ ಹಾಜರಾಗತಕ್ಕದ್ದು. ತಪ್ಪಿದಲ್ಲಿ ಏಕಪಕ್ಷೀಯವಾಗಿ ತೀರ್ಮಾನಿಸಲಾಗುವುದು.
ದಿನಾಂಕ: 10-11-2025
ದಿನಾಂಕ: 29 ಸೆಪ್ಟೆಂಬರ್ 2025 ರಂದು ನ್ಯಾಯಾಲಯದ ಮೊಹರಿನೊಂದಿಗೆ ನೀಡಲಾಗಿದೆ.
ನ್ಯಾಯಾಲಯದ ಆದೇಶದ ಮೇರೆಗೆ
ಡಿಕ್ರಿ ಹೋಲ್ಡರ್ ಪರ ವಕೀಲರು ಎನ್. ಕೃಷ್ಣಮೂರ್ತಿ ವಕೀಲರು, ಕೋಲಾರ. ದಿನಾಂಕ: 24-09-2025
ಸಹಿ/- ಶಿರಸ್ತೇದಾರರು ಸಿವಿಲ್ ಜಡ್ಜ್ ಮತ್ತು ಜೆಎಂಎಫ್‌ಸಿ ನ್ಯಾಯಾಲಯ, ಕೋಲಾರ
